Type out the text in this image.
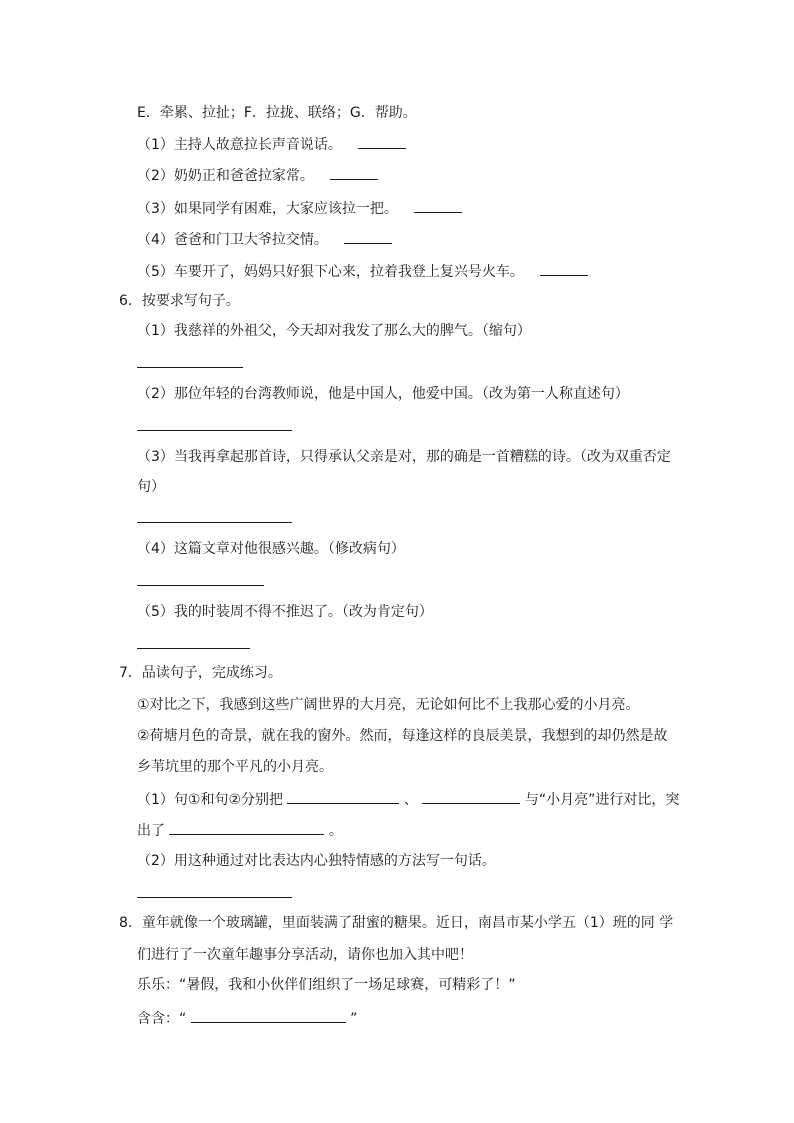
E．牵累、拉扯；F．拉拢、联络；G．帮助。
（1）主持人故意拉长声音说话。
（2）奶奶正和爸爸拉家常。
（3）如果同学有困难，大家应该拉一把。
（4）爸爸和门卫大爷拉交情。
（5）车要开了，妈妈只好狠下心来，拉着我登上复兴号火车。
6．按要求写句子。
（1）我慈祥的外祖父，今天却对我发了那么大的脾气。（缩句）
（2）那位年轻的台湾教师说，他是中国人，他爱中国。（改为第一人称直述句）
（3）当我再拿起那首诗，只得承认父亲是对，那的确是一首糟糕的诗。（改为双重否定
句）
（4）这篇文章对他很感兴趣。（修改病句）
（5）我的时装周不得不推迟了。（改为肯定句）
7．品读句子，完成练习。
①对比之下，我感到这些广阔世界的大月亮，无论如何比不上我那心爱的小月亮。
②荷塘月色的奇景，就在我的窗外。然而，每逢这样的良辰美景，我想到的却仍然是故
乡苇坑里的那个平凡的小月亮。
（1）句①和句②分别把	、	与“小月亮”进行对比，突
出了	。
（2）用这种通过对比表达内心独特情感的方法写一句话。
8．童年就像一个玻璃罐，里面装满了甜蜜的糖果。近日，南昌市某小学五（1）班的同 学
们进行了一次童年趣事分享活动，请你也加入其中吧！
乐乐：“暑假，我和小伙伴们组织了一场足球赛，可精彩了！”
含含：“	”
